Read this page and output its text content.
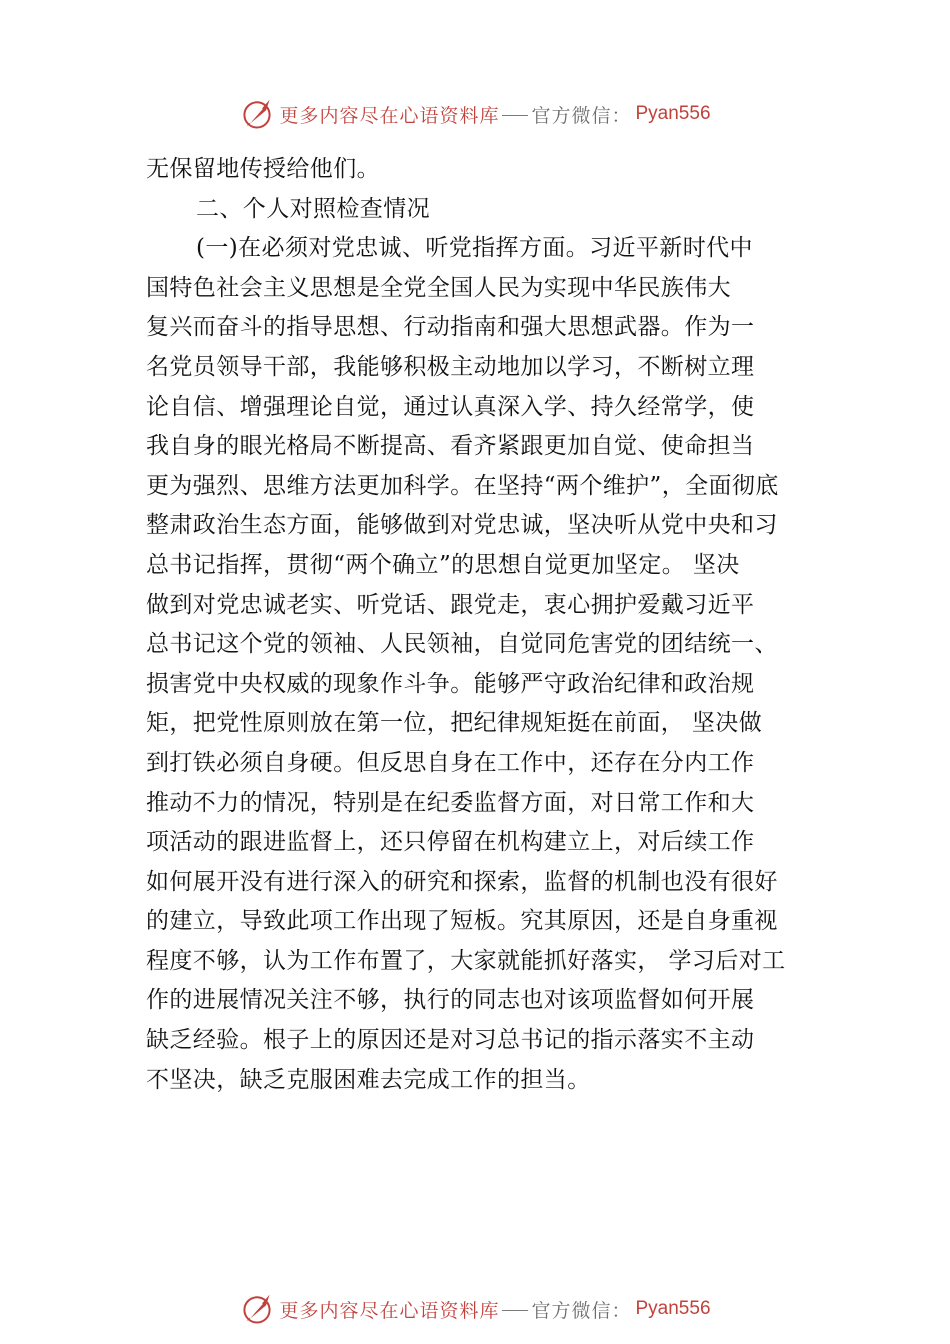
更多内容尽在心语资料库 官方微信： Pyan556
无保留地传授给他们。
二、个人对照检查情况
(一)在必须对党忠诚、听党指挥方面。习近平新时代中
国特色社会主义思想是全党全国人民为实现中华民族伟大
复兴而奋斗的指导思想、行动指南和强大思想武器。作为一
名党员领导干部，我能够积极主动地加以学习，不断树立理
论自信、增强理论自觉，通过认真深入学、持久经常学，使
我自身的眼光格局不断提高、看齐紧跟更加自觉、使命担当
更为强烈、思维方法更加科学。在坚持“两个维护”，全面彻底
整肃政治生态方面，能够做到对党忠诚，坚决听从党中央和习
总书记指挥，贯彻“两个确立”的思想自觉更加坚定。 坚决
做到对党忠诚老实、听党话、跟党走，衷心拥护爱戴习近平
总书记这个党的领袖、人民领袖，自觉同危害党的团结统一、
损害党中央权威的现象作斗争。能够严守政治纪律和政治规
矩，把党性原则放在第一位，把纪律规矩挺在前面， 坚决做
到打铁必须自身硬。但反思自身在工作中，还存在分内工作
推动不力的情况，特别是在纪委监督方面，对日常工作和大
项活动的跟进监督上，还只停留在机构建立上，对后续工作
如何展开没有进行深入的研究和探索，监督的机制也没有很好
的建立，导致此项工作出现了短板。究其原因，还是自身重视
程度不够，认为工作布置了，大家就能抓好落实， 学习后对工
作的进展情况关注不够，执行的同志也对该项监督如何开展
缺乏经验。根子上的原因还是对习总书记的指示落实不主动
不坚决，缺乏克服困难去完成工作的担当。
更多内容尽在心语资料库 官方微信： Pyan556
